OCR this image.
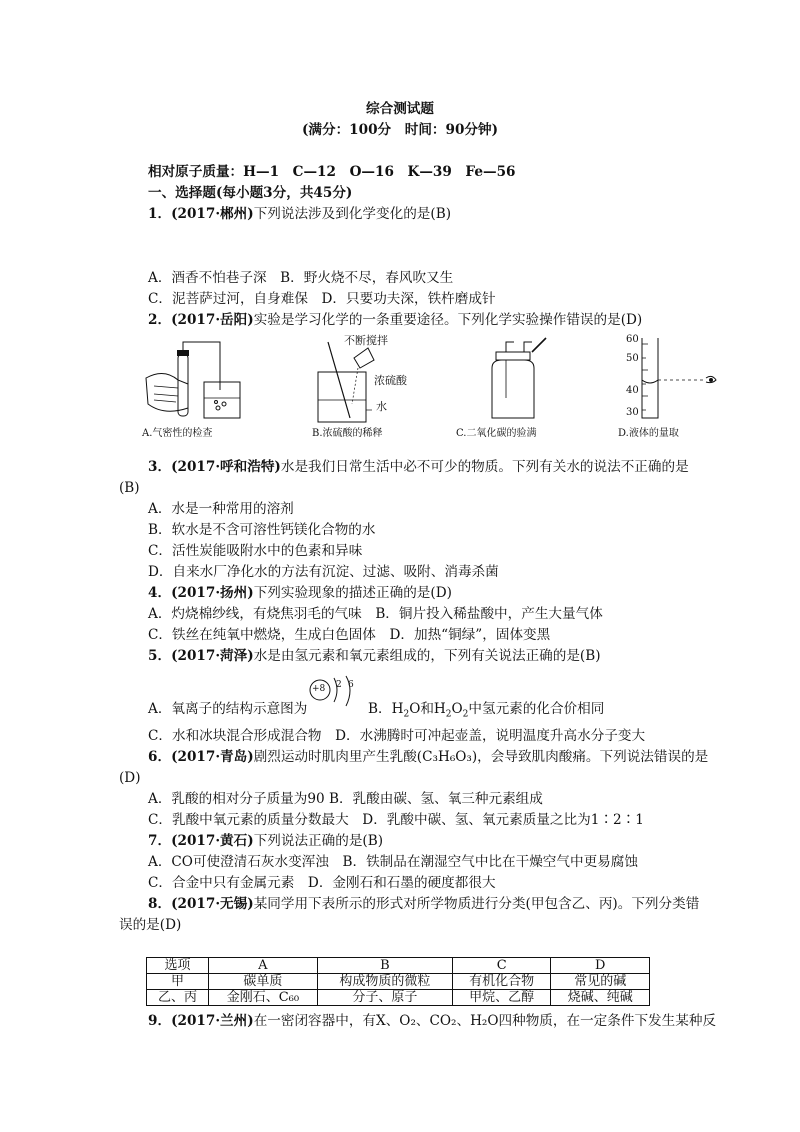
综合测试题
(满分：100分　时间：90分钟)
相对原子质量：H—1　C—12　O—16　K—39　Fe—56
一、选择题(每小题3分，共45分)
1．(2017·郴州)下列说法涉及到化学变化的是(B)
A．酒香不怕巷子深　B．野火烧不尽，春风吹又生
C．泥菩萨过河，自身难保　D．只要功夫深，铁杵磨成针
2．(2017·岳阳)实验是学习化学的一条重要途径。下列化学实验操作错误的是(D)
不断搅拌
浓硫酸
水
60
50
40
30
A.气密性的检查	B.浓硫酸的稀释	C.二氧化碳的验满	D.液体的量取
3．(2017·呼和浩特)水是我们日常生活中必不可少的物质。下列有关水的说法不正确的是
(B)
A．水是一种常用的溶剂
B．软水是不含可溶性钙镁化合物的水
C．活性炭能吸附水中的色素和异味
D．自来水厂净化水的方法有沉淀、过滤、吸附、消毒杀菌
4．(2017·扬州)下列实验现象的描述正确的是(D)
A．灼烧棉纱线，有烧焦羽毛的气味　B．铜片投入稀盐酸中，产生大量气体
C．铁丝在纯氧中燃烧，生成白色固体　D．加热“铜绿”，固体变黑
5．(2017·菏泽)水是由氢元素和氧元素组成的，下列有关说法正确的是(B)
A．氧离子的结构示意图为
+8 2 6
B．$H_2O$和$H_2O_2$中氢元素的化合价相同
C．水和冰块混合形成混合物　D．水沸腾时可冲起壶盖，说明温度升高水分子变大
6．(2017·青岛)剧烈运动时肌肉里产生乳酸(C₃H₆O₃)，会导致肌肉酸痛。下列说法错误的是
(D)
A．乳酸的相对分子质量为90 B．乳酸由碳、氢、氧三种元素组成
C．乳酸中氧元素的质量分数最大　D．乳酸中碳、氢、氧元素质量之比为1∶2∶1
7．(2017·黄石)下列说法正确的是(B)
A．CO可使澄清石灰水变浑浊　B．铁制品在潮湿空气中比在干燥空气中更易腐蚀
C．合金中只有金属元素　D．金刚石和石墨的硬度都很大
8．(2017·无锡)某同学用下表所示的形式对所学物质进行分类(甲包含乙、丙)。下列分类错
误的是(D)
选项	A	B	C	D
甲	碳单质	构成物质的微粒	有机化合物	常见的碱
乙、丙	金刚石、C₆₀	分子、原子	甲烷、乙醇	烧碱、纯碱
9．(2017·兰州)在一密闭容器中，有X、O₂、CO₂、H₂O四种物质，在一定条件下发生某种反
